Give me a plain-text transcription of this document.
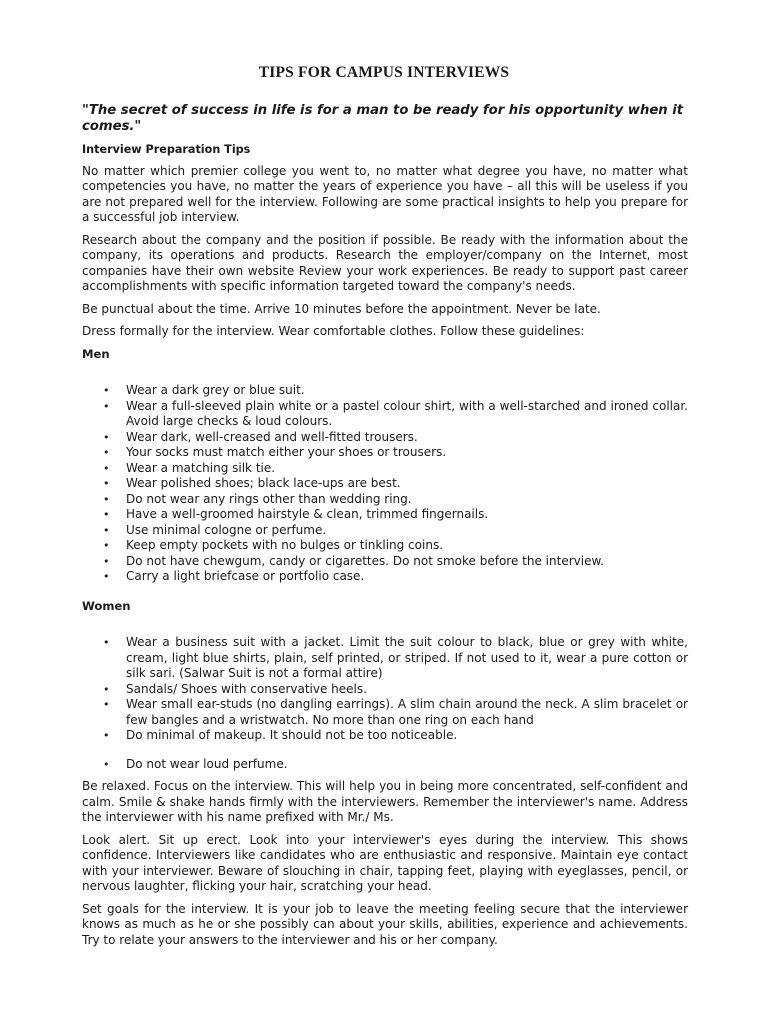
TIPS FOR CAMPUS INTERVIEWS

"The secret of success in life is for a man to be ready for his opportunity when it comes."

Interview Preparation Tips

No matter which premier college you went to, no matter what degree you have, no matter what competencies you have, no matter the years of experience you have – all this will be useless if you are not prepared well for the interview. Following are some practical insights to help you prepare for a successful job interview.

Research about the company and the position if possible. Be ready with the information about the company, its operations and products. Research the employer/company on the Internet, most companies have their own website Review your work experiences. Be ready to support past career accomplishments with specific information targeted toward the company's needs.

Be punctual about the time. Arrive 10 minutes before the appointment. Never be late.

Dress formally for the interview. Wear comfortable clothes. Follow these guidelines:

Men

• Wear a dark grey or blue suit.
• Wear a full-sleeved plain white or a pastel colour shirt, with a well-starched and ironed collar. Avoid large checks & loud colours.
• Wear dark, well-creased and well-fitted trousers.
• Your socks must match either your shoes or trousers.
• Wear a matching silk tie.
• Wear polished shoes; black lace-ups are best.
• Do not wear any rings other than wedding ring.
• Have a well-groomed hairstyle & clean, trimmed fingernails.
• Use minimal cologne or perfume.
• Keep empty pockets with no bulges or tinkling coins.
• Do not have chewgum, candy or cigarettes. Do not smoke before the interview.
• Carry a light briefcase or portfolio case.

Women

• Wear a business suit with a jacket. Limit the suit colour to black, blue or grey with white, cream, light blue shirts, plain, self printed, or striped. If not used to it, wear a pure cotton or silk sari. (Salwar Suit is not a formal attire)
• Sandals/ Shoes with conservative heels.
• Wear small ear-studs (no dangling earrings). A slim chain around the neck. A slim bracelet or few bangles and a wristwatch. No more than one ring on each hand
• Do minimal of makeup. It should not be too noticeable.
• Do not wear loud perfume.

Be relaxed. Focus on the interview. This will help you in being more concentrated, self-confident and calm. Smile & shake hands firmly with the interviewers. Remember the interviewer's name. Address the interviewer with his name prefixed with Mr./ Ms.

Look alert. Sit up erect. Look into your interviewer's eyes during the interview. This shows confidence. Interviewers like candidates who are enthusiastic and responsive. Maintain eye contact with your interviewer. Beware of slouching in chair, tapping feet, playing with eyeglasses, pencil, or nervous laughter, flicking your hair, scratching your head.

Set goals for the interview. It is your job to leave the meeting feeling secure that the interviewer knows as much as he or she possibly can about your skills, abilities, experience and achievements. Try to relate your answers to the interviewer and his or her company.
